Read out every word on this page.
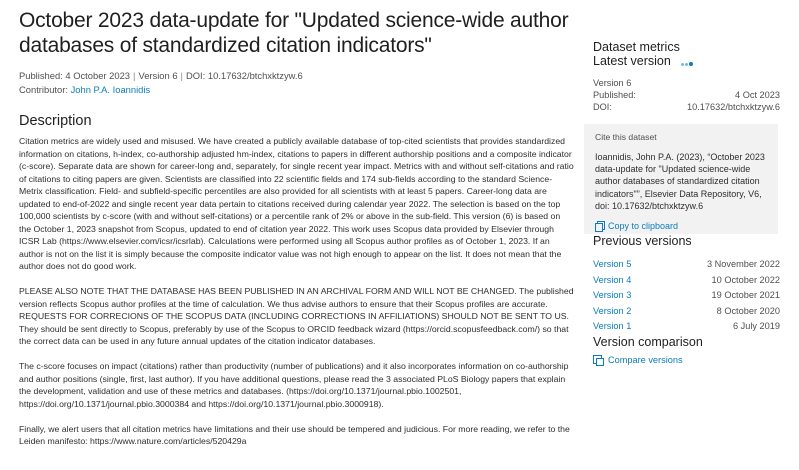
October 2023 data-update for "Updated science-wide author databases of standardized citation indicators"
Published: 4 October 2023 | Version 6 | DOI: 10.17632/btchxktzyw.6
Contributor: John P.A. Ioannidis
Description

Citation metrics are widely used and misused. We have created a publicly available database of top-cited scientists that provides standardized information on citations, h-index, co-authorship adjusted hm-index, citations to papers in different authorship positions and a composite indicator (c-score). Separate data are shown for career-long and, separately, for single recent year impact. Metrics with and without self-citations and ratio of citations to citing papers are given. Scientists are classified into 22 scientific fields and 174 sub-fields according to the standard Science-Metrix classification. Field- and subfield-specific percentiles are also provided for all scientists with at least 5 papers. Career-long data are updated to end-of-2022 and single recent year data pertain to citations received during calendar year 2022. The selection is based on the top 100,000 scientists by c-score (with and without self-citations) or a percentile rank of 2% or above in the sub-field. This version (6) is based on the October 1, 2023 snapshot from Scopus, updated to end of citation year 2022. This work uses Scopus data provided by Elsevier through ICSR Lab (https://www.elsevier.com/icsr/icsrlab). Calculations were performed using all Scopus author profiles as of October 1, 2023. If an author is not on the list it is simply because the composite indicator value was not high enough to appear on the list. It does not mean that the author does not do good work.

PLEASE ALSO NOTE THAT THE DATABASE HAS BEEN PUBLISHED IN AN ARCHIVAL FORM AND WILL NOT BE CHANGED. The published version reflects Scopus author profiles at the time of calculation. We thus advise authors to ensure that their Scopus profiles are accurate. REQUESTS FOR CORRECIONS OF THE SCOPUS DATA (INCLUDING CORRECTIONS IN AFFILIATIONS) SHOULD NOT BE SENT TO US. They should be sent directly to Scopus, preferably by use of the Scopus to ORCID feedback wizard (https://orcid.scopusfeedback.com/) so that the correct data can be used in any future annual updates of the citation indicator databases.

The c-score focuses on impact (citations) rather than productivity (number of publications) and it also incorporates information on co-authorship and author positions (single, first, last author). If you have additional questions, please read the 3 associated PLoS Biology papers that explain the development, validation and use of these metrics and databases. (https://doi.org/10.1371/journal.pbio.1002501, https://doi.org/10.1371/journal.pbio.3000384 and https://doi.org/10.1371/journal.pbio.3000918).

Finally, we alert users that all citation metrics have limitations and their use should be tempered and judicious. For more reading, we refer to the Leiden manifesto: https://www.nature.com/articles/520429a

Dataset metrics
Latest version
Version 6
Published:	4 Oct 2023
DOI:	10.17632/btchxktzyw.6
Cite this dataset
Ioannidis, John P.A. (2023), “October 2023 data-update for "Updated science-wide author databases of standardized citation indicators"”, Elsevier Data Repository, V6, doi: 10.17632/btchxktzyw.6
Copy to clipboard
Previous versions
Version 5	3 November 2022
Version 4	10 October 2022
Version 3	19 October 2021
Version 2	8 October 2020
Version 1	6 July 2019
Version comparison
Compare versions
